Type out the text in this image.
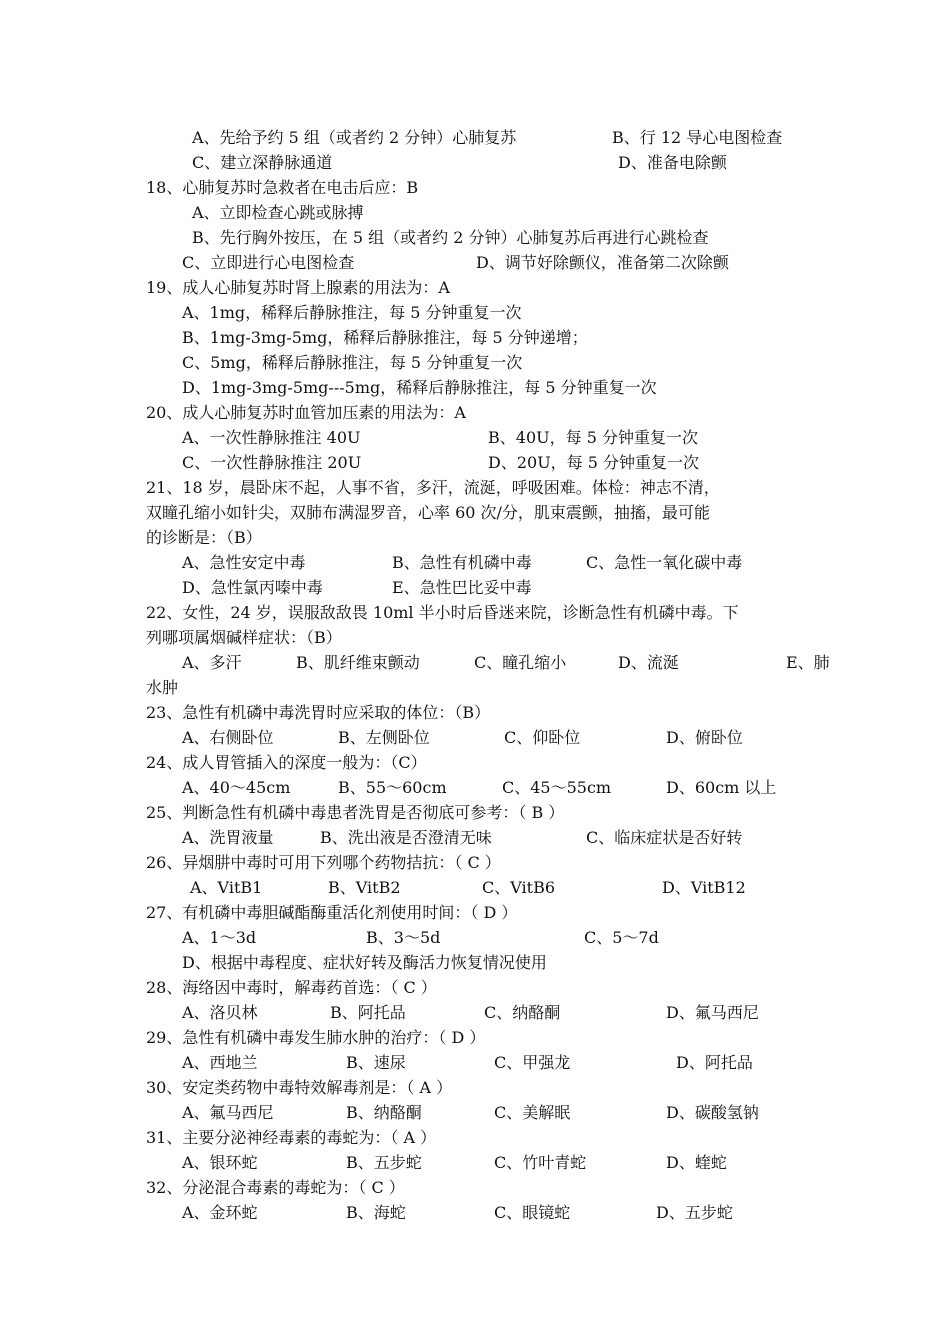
A、先给予约 5 组（或者约 2 分钟）心肺复苏	B、行 12 导心电图检查
C、建立深静脉通道	D、准备电除颤
18、心肺复苏时急救者在电击后应：B
A、立即检查心跳或脉搏
B、先行胸外按压，在 5 组（或者约 2 分钟）心肺复苏后再进行心跳检查
C、立即进行心电图检查	D、调节好除颤仪，准备第二次除颤
19、成人心肺复苏时肾上腺素的用法为：A
A、1mg，稀释后静脉推注，每 5 分钟重复一次
B、1mg-3mg-5mg，稀释后静脉推注，每 5 分钟递增；
C、5mg，稀释后静脉推注，每 5 分钟重复一次
D、1mg-3mg-5mg---5mg，稀释后静脉推注，每 5 分钟重复一次
20、成人心肺复苏时血管加压素的用法为：A
A、一次性静脉推注 40U	B、40U，每 5 分钟重复一次
C、一次性静脉推注 20U	D、20U，每 5 分钟重复一次
21、18 岁，晨卧床不起，人事不省，多汗，流涎，呼吸困难。体检：神志不清，
双瞳孔缩小如针尖，双肺布满湿罗音，心率 60 次/分，肌束震颤，抽搐，最可能
的诊断是：（B）
A、急性安定中毒	B、急性有机磷中毒	C、急性一氧化碳中毒
D、急性氯丙嗪中毒	E、急性巴比妥中毒
22、女性，24 岁，误服敌敌畏 10ml 半小时后昏迷来院，诊断急性有机磷中毒。下
列哪项属烟碱样症状：（B）
A、多汗	B、肌纤维束颤动	C、瞳孔缩小	D、流涎	E、肺
水肿
23、急性有机磷中毒洗胃时应采取的体位：（B）
A、右侧卧位	B、左侧卧位	C、仰卧位	D、俯卧位
24、成人胃管插入的深度一般为：（C）
A、40～45cm	B、55～60cm	C、45～55cm	D、60cm 以上
25、判断急性有机磷中毒患者洗胃是否彻底可参考：（ B ）
A、洗胃液量	B、洗出液是否澄清无味	C、临床症状是否好转
26、异烟肼中毒时可用下列哪个药物拮抗：（ C ）
A、VitB1	B、VitB2	C、VitB6	D、VitB12
27、有机磷中毒胆碱酯酶重活化剂使用时间：（ D ）
A、1～3d	B、3～5d	C、5～7d
D、根据中毒程度、症状好转及酶活力恢复情况使用
28、海络因中毒时，解毒药首选：（ C ）
A、洛贝林	B、阿托品	C、纳酪酮	D、氟马西尼
29、急性有机磷中毒发生肺水肿的治疗：（ D ）
A、西地兰	B、速尿	C、甲强龙	D、阿托品
30、安定类药物中毒特效解毒剂是：（ A ）
A、氟马西尼	B、纳酪酮	C、美解眠	D、碳酸氢钠
31、主要分泌神经毒素的毒蛇为：（ A ）
A、银环蛇	B、五步蛇	C、竹叶青蛇	D、蝰蛇
32、分泌混合毒素的毒蛇为：（ C ）
A、金环蛇	B、海蛇	C、眼镜蛇	D、五步蛇
